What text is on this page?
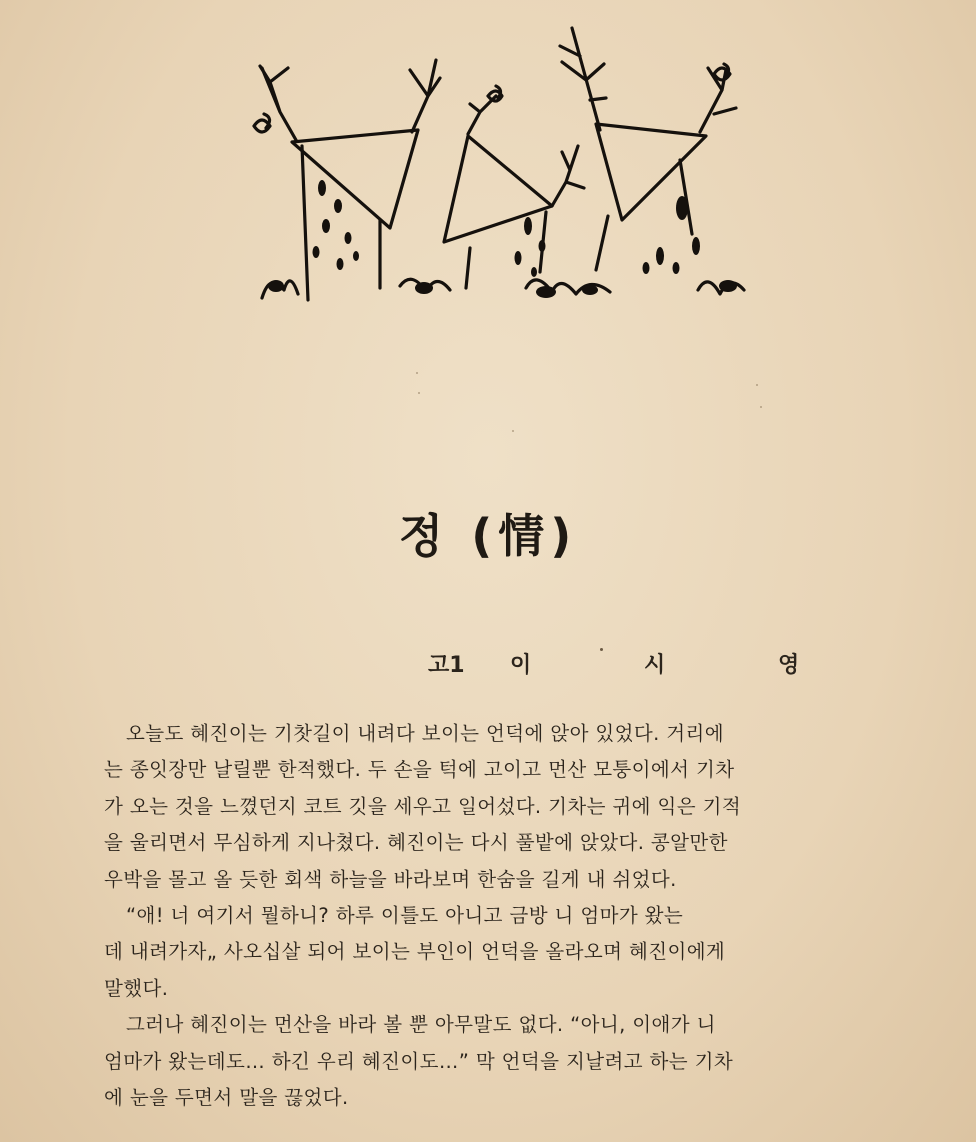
정 (情)
고1 이	시	영
오늘도 혜진이는 기찻길이 내려다 보이는 언덕에 앉아 있었다. 거리에
는 종잇장만 날릴뿐 한적했다. 두 손을 턱에 고이고 먼산 모퉁이에서 기차
가 오는 것을 느꼈던지 코트 깃을 세우고 일어섰다. 기차는 귀에 익은 기적
을 울리면서 무심하게 지나쳤다. 혜진이는 다시 풀밭에 앉았다. 콩알만한
우박을 몰고 올 듯한 회색 하늘을 바라보며 한숨을 길게 내 쉬었다.
“애! 너 여기서 뭘하니? 하루 이틀도 아니고 금방 니 엄마가 왔는
데 내려가자„ 사오십살 되어 보이는 부인이 언덕을 올라오며 혜진이에게
말했다.
그러나 혜진이는 먼산을 바라 볼 뿐 아무말도 없다. “아니, 이애가 니
엄마가 왔는데도… 하긴 우리 혜진이도…” 막 언덕을 지날려고 하는 기차
에 눈을 두면서 말을 끊었다.
